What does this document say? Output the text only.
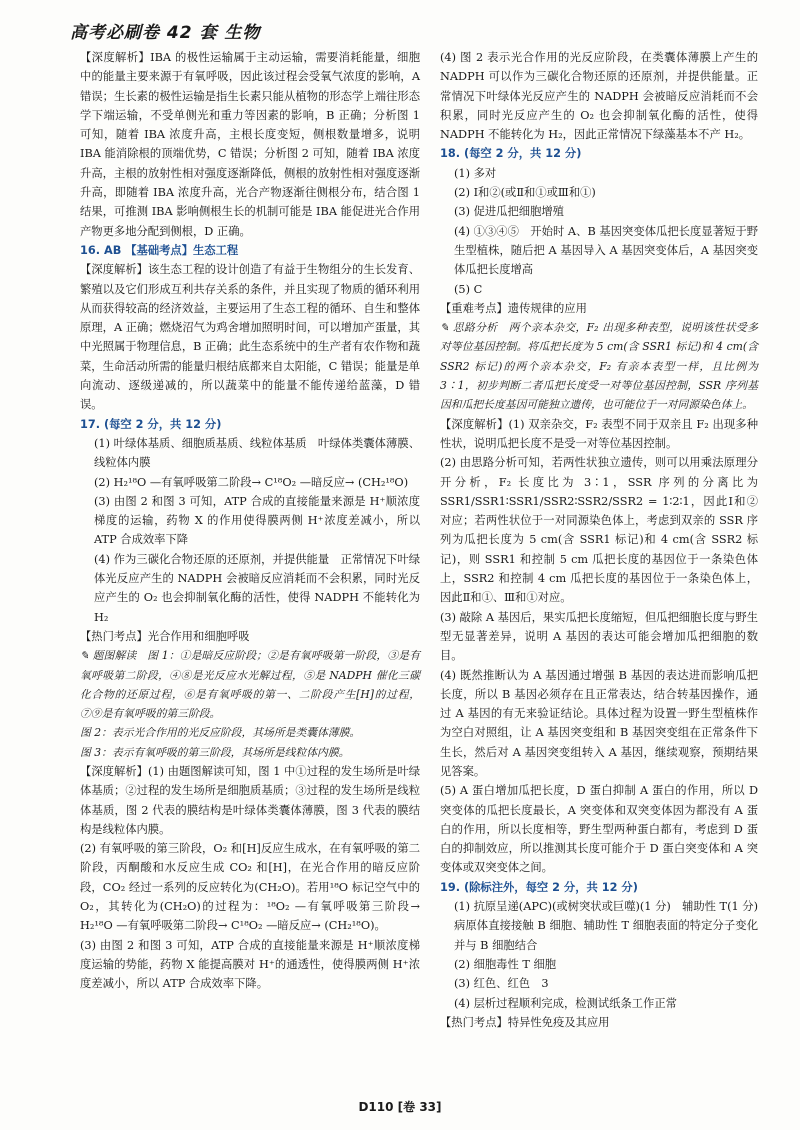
高考必刷卷 42 套 生物

【深度解析】IBA 的极性运输属于主动运输，需要消耗能量，细胞中的能量主要来源于有氧呼吸，因此该过程会受氧气浓度的影响，A 错误；生长素的极性运输是指生长素只能从植物的形态学上端往形态学下端运输，不受单侧光和重力等因素的影响，B 正确；分析图 1 可知，随着 IBA 浓度升高，主根长度变短，侧根数量增多，说明 IBA 能消除根的顶端优势，C 错误；分析图 2 可知，随着 IBA 浓度升高，主根的放射性相对强度逐渐降低，侧根的放射性相对强度逐渐升高，即随着 IBA 浓度升高，光合产物逐渐往侧根分布，结合图 1 结果，可推测 IBA 影响侧根生长的机制可能是 IBA 能促进光合作用产物更多地分配到侧根，D 正确。

16. AB 【基础考点】生态工程

【深度解析】该生态工程的设计创造了有益于生物组分的生长发育、繁殖以及它们形成互利共存关系的条件，并且实现了物质的循环利用从而获得较高的经济效益，主要运用了生态工程的循环、自生和整体原理，A 正确；燃烧沼气为鸡舍增加照明时间，可以增加产蛋量，其中光照属于物理信息，B 正确；此生态系统中的生产者有农作物和蔬菜，生命活动所需的能量归根结底都来自太阳能，C 错误；能量是单向流动、逐级递减的，所以蔬菜中的能量不能传递给蓝藻，D 错误。

17. (每空 2 分，共 12 分)

(1) 叶绿体基质、细胞质基质、线粒体基质　叶绿体类囊体薄膜、线粒体内膜

(2) H₂¹⁸O —有氧呼吸第二阶段→ C¹⁸O₂ —暗反应→ (CH₂¹⁸O)

(3) 由图 2 和图 3 可知，ATP 合成的直接能量来源是 H⁺顺浓度梯度的运输，药物 X 的作用使得膜两侧 H⁺浓度差减小，所以 ATP 合成效率下降

(4) 作为三碳化合物还原的还原剂，并提供能量　正常情况下叶绿体光反应产生的 NADPH 会被暗反应消耗而不会积累，同时光反应产生的 O₂ 也会抑制氧化酶的活性，使得 NADPH 不能转化为 H₂

【热门考点】光合作用和细胞呼吸

✎ 题图解读　图 1：①是暗反应阶段；②是有氧呼吸第一阶段，③是有氧呼吸第二阶段，④⑧是光反应水光解过程，⑤是 NADPH 催化三碳化合物的还原过程，⑥是有氧呼吸的第一、二阶段产生[H]的过程，⑦⑨是有氧呼吸的第三阶段。

图 2：表示光合作用的光反应阶段，其场所是类囊体薄膜。

图 3：表示有氧呼吸的第三阶段，其场所是线粒体内膜。

【深度解析】(1) 由题图解读可知，图 1 中①过程的发生场所是叶绿体基质；②过程的发生场所是细胞质基质；③过程的发生场所是线粒体基质，图 2 代表的膜结构是叶绿体类囊体薄膜，图 3 代表的膜结构是线粒体内膜。

(2) 有氧呼吸的第三阶段，O₂ 和[H]反应生成水，在有氧呼吸的第二阶段，丙酮酸和水反应生成 CO₂ 和[H]，在光合作用的暗反应阶段，CO₂ 经过一系列的反应转化为(CH₂O)。若用¹⁸O 标记空气中的 O₂，其转化为(CH₂O)的过程为：¹⁸O₂ —有氧呼吸第三阶段→ H₂¹⁸O —有氧呼吸第二阶段→ C¹⁸O₂ —暗反应→ (CH₂¹⁸O)。

(3) 由图 2 和图 3 可知，ATP 合成的直接能量来源是 H⁺顺浓度梯度运输的势能，药物 X 能提高膜对 H⁺的通透性，使得膜两侧 H⁺浓度差减小，所以 ATP 合成效率下降。

(4) 图 2 表示光合作用的光反应阶段，在类囊体薄膜上产生的 NADPH 可以作为三碳化合物还原的还原剂，并提供能量。正常情况下叶绿体光反应产生的 NADPH 会被暗反应消耗而不会积累，同时光反应产生的 O₂ 也会抑制氧化酶的活性，使得 NADPH 不能转化为 H₂，因此正常情况下绿藻基本不产 H₂。

18. (每空 2 分，共 12 分)

(1) 多对

(2) Ⅰ和②(或Ⅱ和①或Ⅲ和①)

(3) 促进瓜把细胞增殖

(4) ①③④⑤　开始时 A、B 基因突变体瓜把长度显著短于野生型植株，随后把 A 基因导入 A 基因突变体后，A 基因突变体瓜把长度增高

(5) C

【重难考点】遗传规律的应用

✎ 思路分析　两个亲本杂交，F₂ 出现多种表型，说明该性状受多对等位基因控制。将瓜把长度为 5 cm(含 SSR1 标记)和 4 cm(含 SSR2 标记)的两个亲本杂交，F₂ 有亲本表型一样，且比例为 3∶1，初步判断二者瓜把长度受一对等位基因控制，SSR 序列基因和瓜把长度基因可能独立遗传，也可能位于一对同源染色体上。

【深度解析】(1) 双亲杂交，F₂ 表型不同于双亲且 F₂ 出现多种性状，说明瓜把长度不是受一对等位基因控制。

(2) 由思路分析可知，若两性状独立遗传，则可以用乘法原理分开分析，F₂ 长度比为 3∶1，SSR 序列的分离比为 SSR1/SSR1∶SSR1/SSR2∶SSR2/SSR2 = 1∶2∶1，因此Ⅰ和②对应；若两性状位于一对同源染色体上，考虑到双亲的 SSR 序列为瓜把长度为 5 cm(含 SSR1 标记)和 4 cm(含 SSR2 标记)，则 SSR1 和控制 5 cm 瓜把长度的基因位于一条染色体上，SSR2 和控制 4 cm 瓜把长度的基因位于一条染色体上，因此Ⅱ和①、Ⅲ和①对应。

(3) 敲除 A 基因后，果实瓜把长度缩短，但瓜把细胞长度与野生型无显著差异，说明 A 基因的表达可能会增加瓜把细胞的数目。

(4) 既然推断认为 A 基因通过增强 B 基因的表达进而影响瓜把长度，所以 B 基因必须存在且正常表达，结合转基因操作，通过 A 基因的有无来验证结论。具体过程为设置一野生型植株作为空白对照组，让 A 基因突变组和 B 基因突变组在正常条件下生长，然后对 A 基因突变组转入 A 基因，继续观察，预期结果见答案。

(5) A 蛋白增加瓜把长度，D 蛋白抑制 A 蛋白的作用，所以 D 突变体的瓜把长度最长，A 突变体和双突变体因为都没有 A 蛋白的作用，所以长度相等，野生型两种蛋白都有，考虑到 D 蛋白的抑制效应，所以推测其长度可能介于 D 蛋白突变体和 A 突变体或双突变体之间。

19. (除标注外，每空 2 分，共 12 分)

(1) 抗原呈递(APC)(或树突状或巨噬)(1 分)　辅助性 T(1 分)　病原体直接接触 B 细胞、辅助性 T 细胞表面的特定分子变化并与 B 细胞结合

(2) 细胞毒性 T 细胞

(3) 红色、红色　3

(4) 层析过程顺利完成，检测试纸条工作正常

【热门考点】特异性免疫及其应用

D110 [卷 33]
